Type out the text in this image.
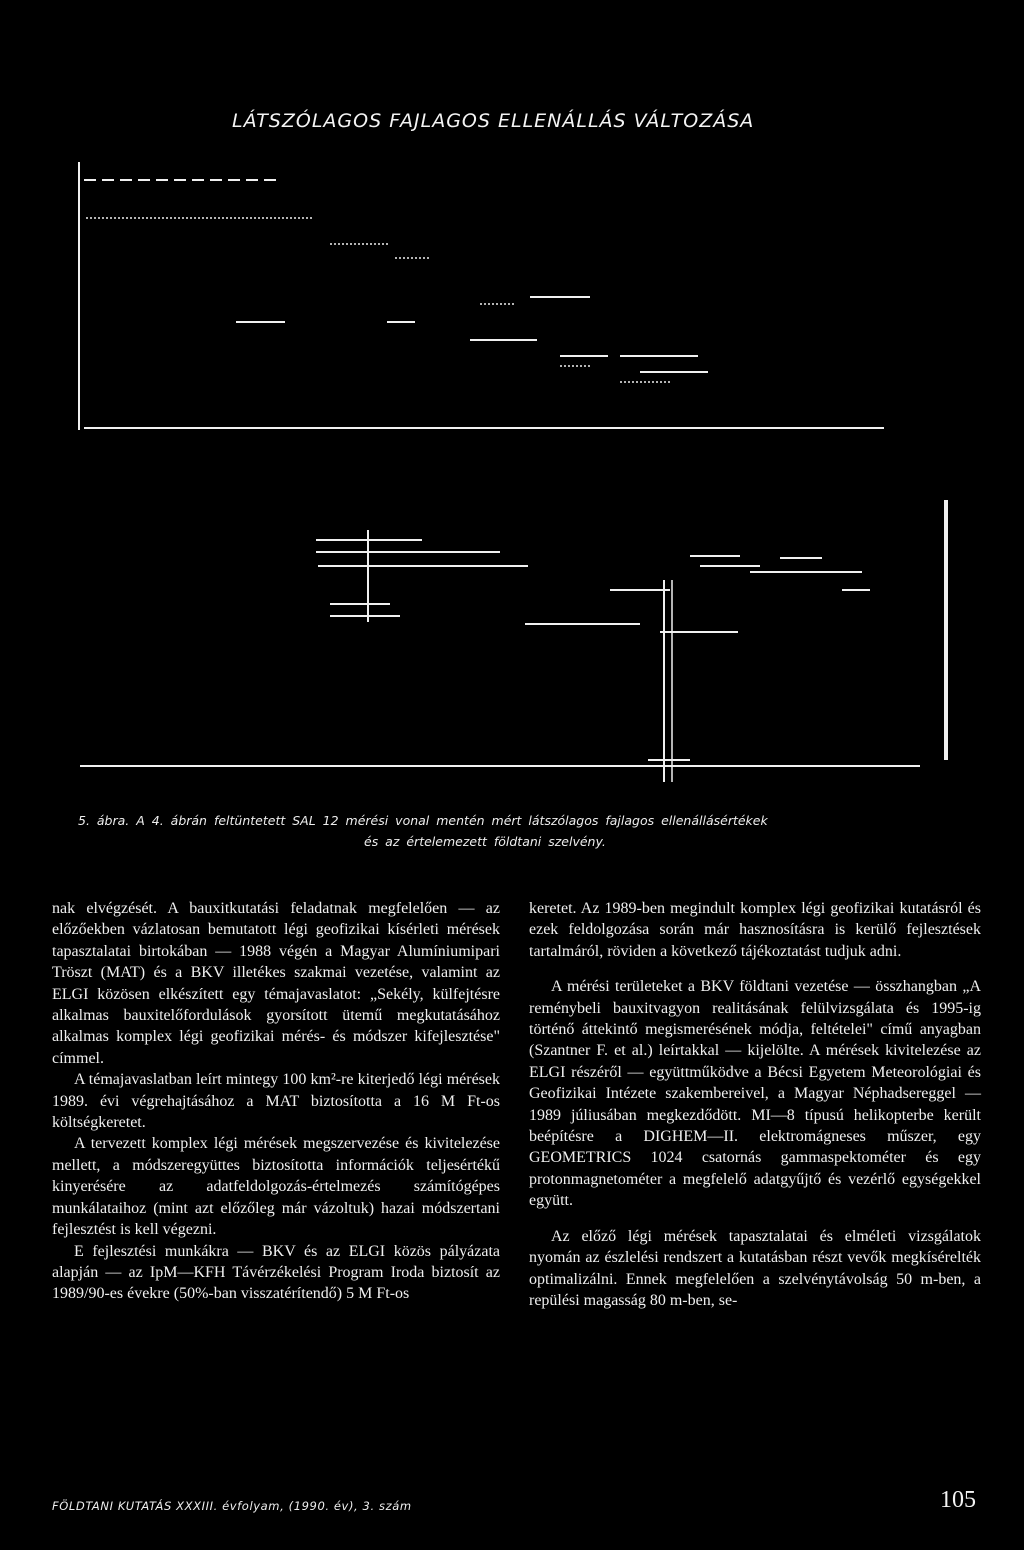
LÁTSZÓLAGOS FAJLAGOS ELLENÁLLÁS VÁLTOZÁSA
5. ábra. A 4. ábrán feltüntetett SAL 12 mérési vonal mentén mért látszólagos fajlagos ellenállásértékek
és az értelemezett földtani szelvény.

nak elvégzését. A bauxitkutatási feladatnak megfelelően — az előzőekben vázlatosan bemutatott légi geofizikai kísérleti mérések tapasztalatai birtokában — 1988 végén a Magyar Alumíniumipari Tröszt (MAT) és a BKV illetékes szakmai vezetése, valamint az ELGI közösen elkészített egy témajavaslatot: „Sekély, külfejtésre alkalmas bauxitelőfordulások gyorsított ütemű megkutatásához alkalmas komplex légi geofizikai mérés- és módszer kifejlesztése" címmel.

A témajavaslatban leírt mintegy 100 km²-re kiterjedő légi mérések 1989. évi végrehajtásához a MAT biztosította a 16 M Ft-os költségkeretet.

A tervezett komplex légi mérések megszervezése és kivitelezése mellett, a módszeregyüttes biztosította információk teljesértékű kinyerésére az adatfeldolgozás-értelmezés számítógépes munkálataihoz (mint azt előzőleg már vázoltuk) hazai módszertani fejlesztést is kell végezni.

E fejlesztési munkákra — BKV és az ELGI közös pályázata alapján — az IpM—KFH Távérzékelési Program Iroda biztosít az 1989/90-es évekre (50%-ban visszatérítendő) 5 M Ft-os

keretet. Az 1989-ben megindult komplex légi geofizikai kutatásról és ezek feldolgozása során már hasznosításra is kerülő fejlesztések tartalmáról, röviden a következő tájékoztatást tudjuk adni.

A mérési területeket a BKV földtani vezetése — összhangban „A reménybeli bauxitvagyon realitásának felülvizsgálata és 1995-ig történő áttekintő megismerésének módja, feltételei" című anyagban (Szantner F. et al.) leírtakkal — kijelölte. A mérések kivitelezése az ELGI részéről — együttműködve a Bécsi Egyetem Meteorológiai és Geofizikai Intézete szakembereivel, a Magyar Néphadsereggel — 1989 júliusában megkezdődött. MI—8 típusú helikopterbe került beépítésre a DIGHEM—II. elektromágneses műszer, egy GEOMETRICS 1024 csatornás gammaspektométer és egy protonmagnetométer a megfelelő adatgyűjtő és vezérlő egységekkel együtt.

Az előző légi mérések tapasztalatai és elméleti vizsgálatok nyomán az észlelési rendszert a kutatásban részt vevők megkísérelték optimalizálni. Ennek megfelelően a szelvénytávolság 50 m-ben, a repülési magasság 80 m-ben, se-

FÖLDTANI KUTATÁS XXXIII. évfolyam, (1990. év), 3. szám	105
